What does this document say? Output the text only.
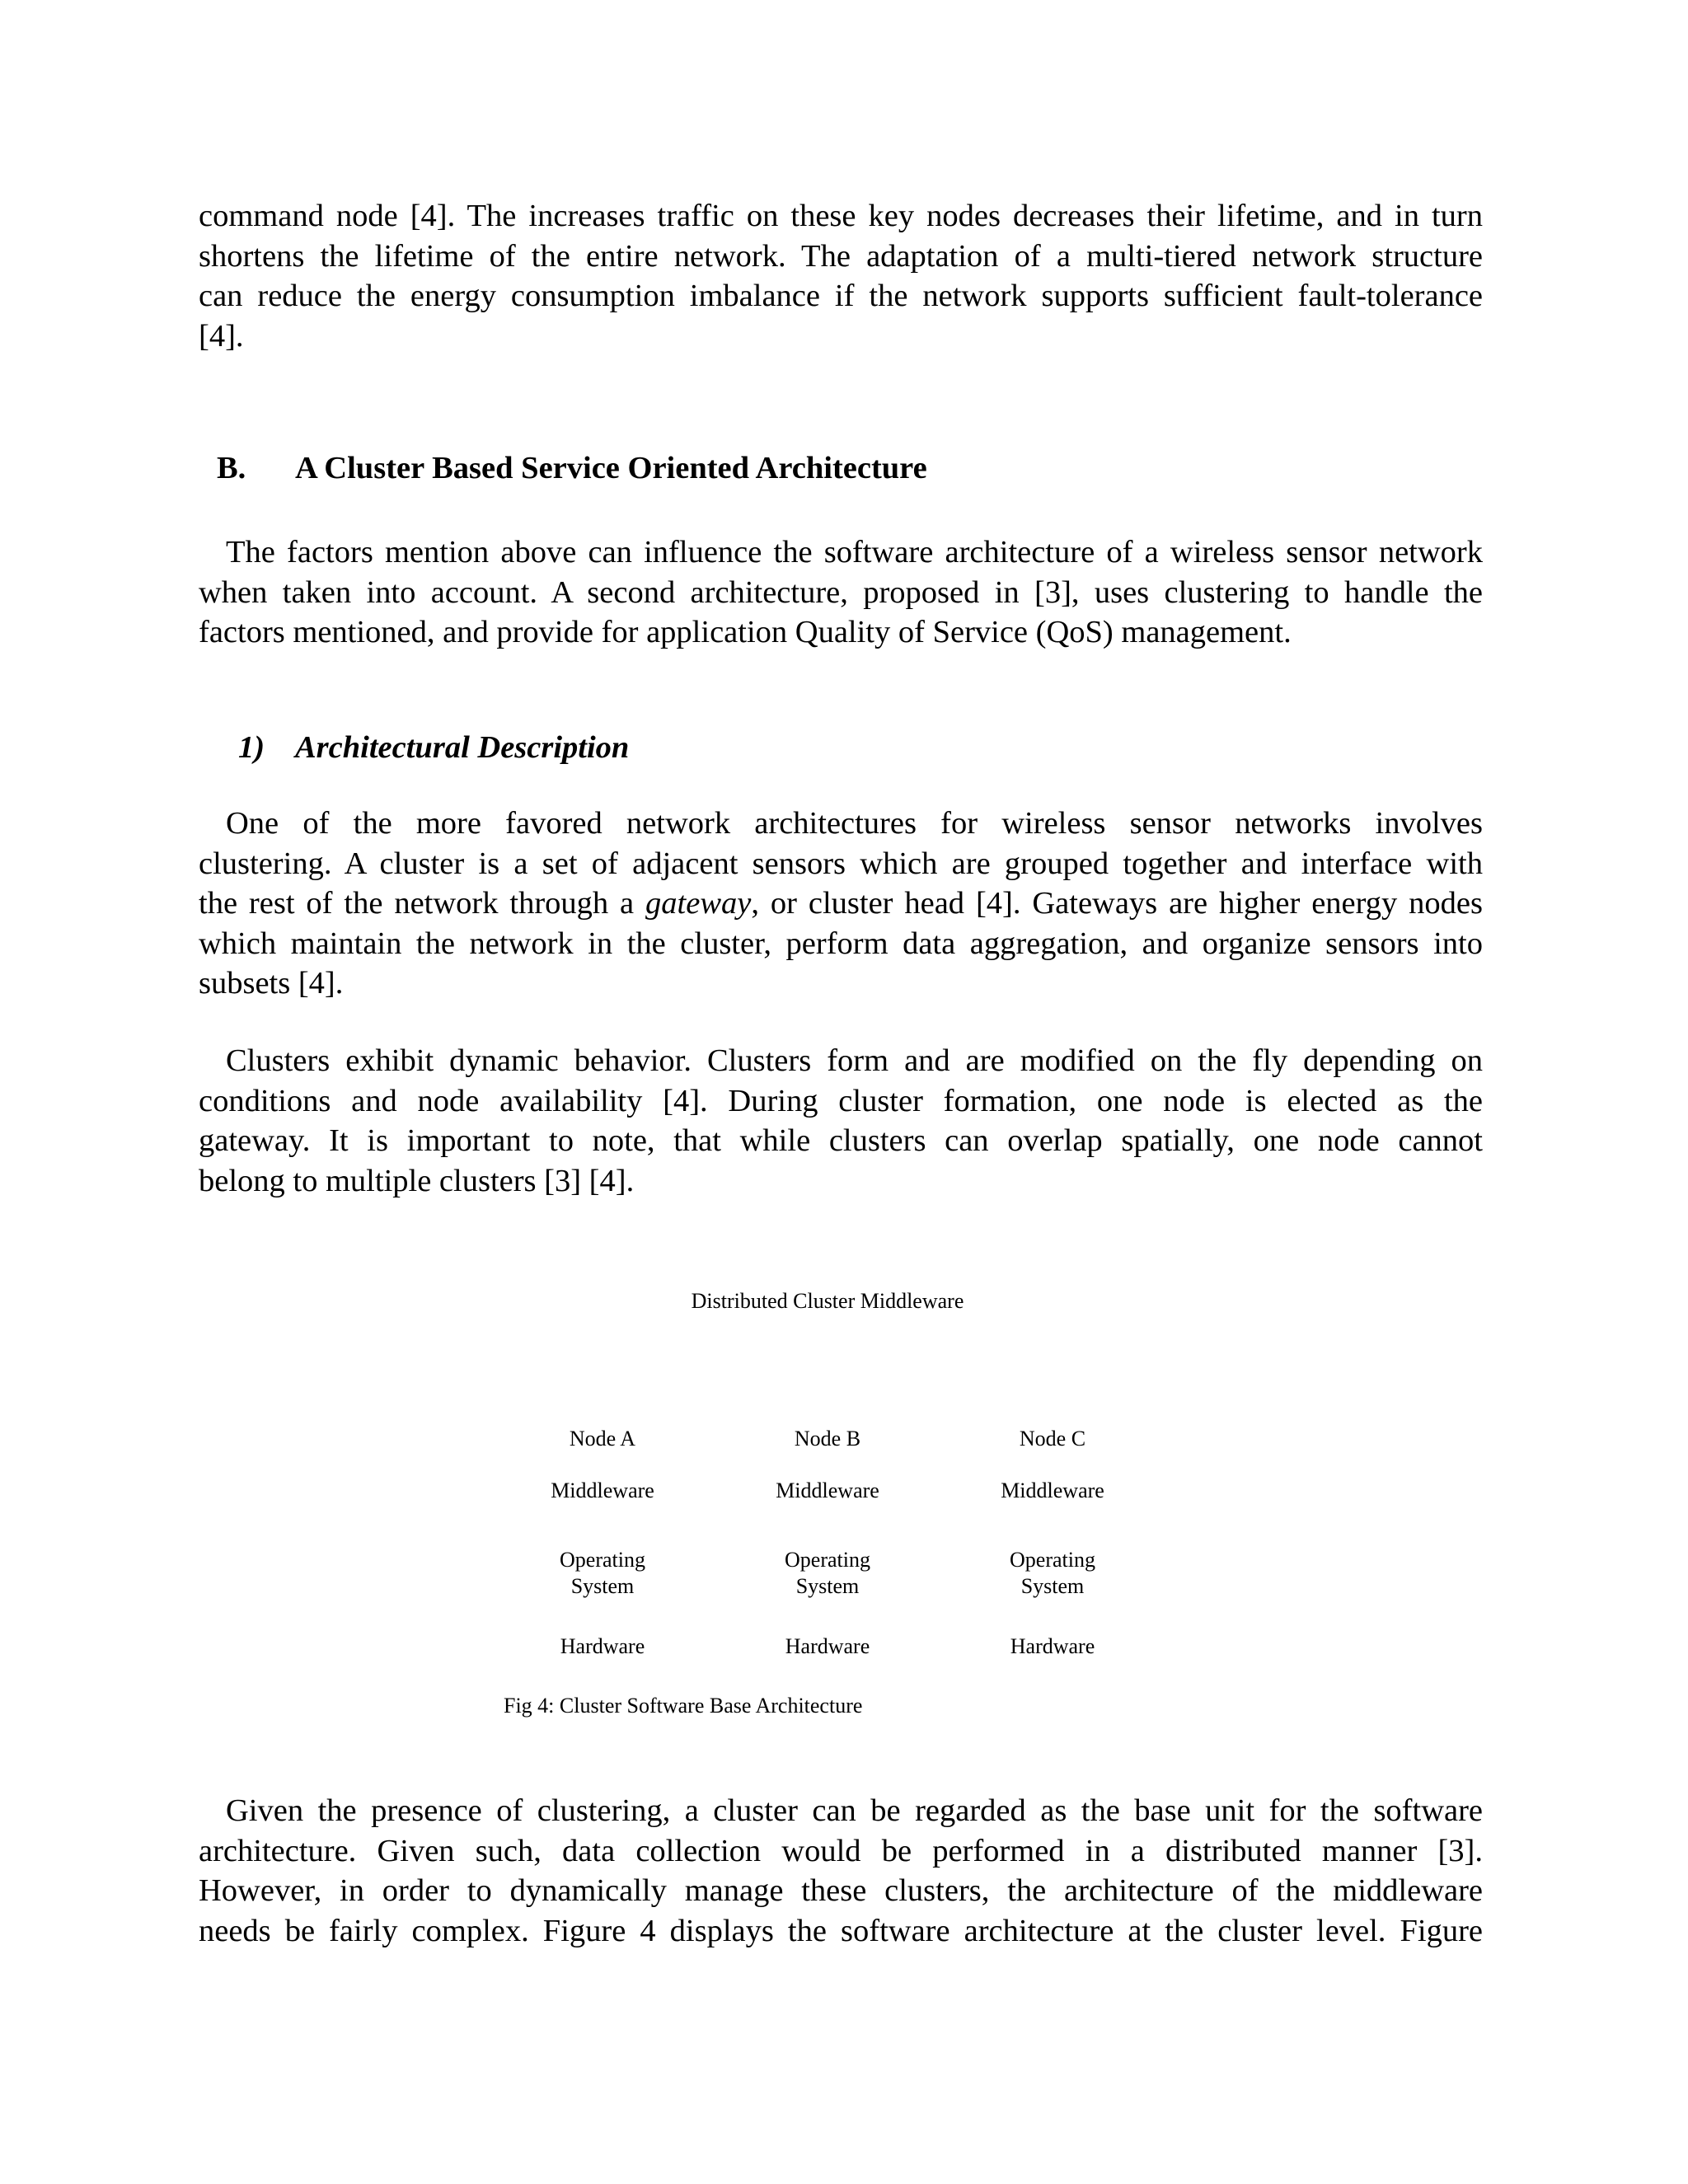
command node [4]. The increases traffic on these key nodes decreases their lifetime, and in turn
shortens the lifetime of the entire network. The adaptation of a multi-tiered network structure
can reduce the energy consumption imbalance if the network supports sufficient fault-tolerance
[4].
B. A Cluster Based Service Oriented Architecture
The factors mention above can influence the software architecture of a wireless sensor network
when taken into account. A second architecture, proposed in [3], uses clustering to handle the
factors mentioned, and provide for application Quality of Service (QoS) management.
1) Architectural Description
One of the more favored network architectures for wireless sensor networks involves
clustering. A cluster is a set of adjacent sensors which are grouped together and interface with
the rest of the network through a gateway, or cluster head [4]. Gateways are higher energy nodes
which maintain the network in the cluster, perform data aggregation, and organize sensors into
subsets [4].
Clusters exhibit dynamic behavior. Clusters form and are modified on the fly depending on
conditions and node availability [4]. During cluster formation, one node is elected as the
gateway. It is important to note, that while clusters can overlap spatially, one node cannot
belong to multiple clusters [3] [4].
Distributed Cluster Middleware
Node A
Middleware
Operating
System
Hardware
Node B
Middleware
Operating
System
Hardware
Node C
Middleware
Operating
System
Hardware
Fig 4: Cluster Software Base Architecture
Given the presence of clustering, a cluster can be regarded as the base unit for the software
architecture. Given such, data collection would be performed in a distributed manner [3].
However, in order to dynamically manage these clusters, the architecture of the middleware
needs be fairly complex. Figure 4 displays the software architecture at the cluster level. Figure
